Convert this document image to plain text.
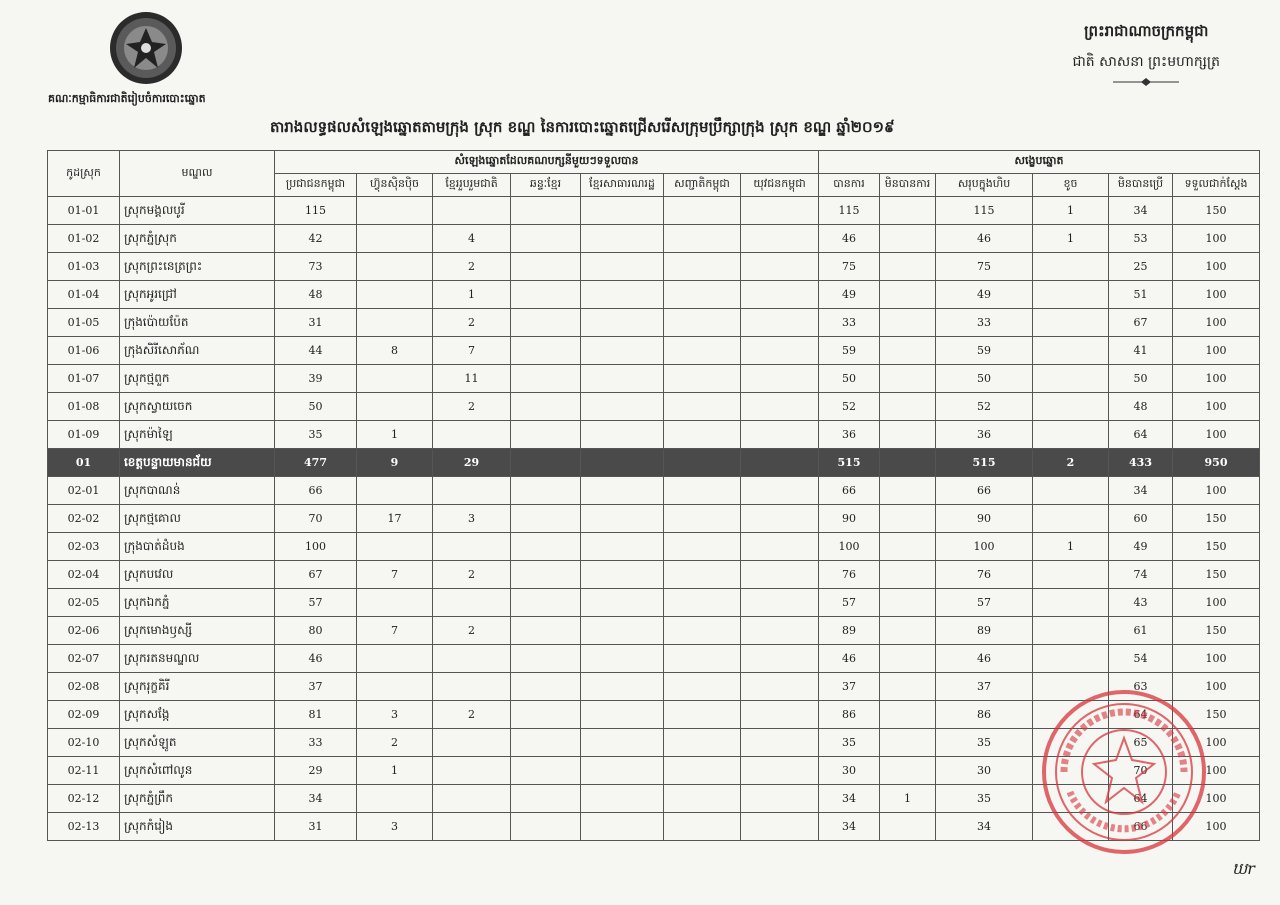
គណៈកម្មាធិការជាតិរៀបចំការបោះឆ្នោត
ព្រះរាជាណាចក្រកម្ពុជា
ជាតិ សាសនា ព្រះមហាក្សត្រ
តារាងលទ្ធផលសំឡេងឆ្នោតតាមក្រុង ស្រុក ខណ្ឌ នៃការបោះឆ្នោតជ្រើសរើសក្រុមប្រឹក្សាក្រុង ស្រុក ខណ្ឌ ឆ្នាំ២០១៩
កូដស្រុក	មណ្ឌល	សំឡេងឆ្នោតដែលគណបក្សនីមួយៗទទួលបាន							សង្ខេបឆ្នោត					
		ប្រជាជនកម្ពុជា	ហ៊្វុនស៊ិនប៉ិច	ខ្មែររួបរួមជាតិ	ឆន្ទៈខ្មែរ	ខ្មែរសាធារណរដ្ឋ	សញ្ជាតិកម្ពុជា	យុវជនកម្ពុជា	បានការ	មិនបានការ	សរុបក្នុងហិប	ខូច	មិនបានប្រើ	ទទួលជាក់ស្តែង
01-01	ស្រុកមង្គលបូរី	115							115		115	1	34	150
01-02	ស្រុកភ្នំស្រុក	42		4					46		46	1	53	100
01-03	ស្រុកព្រះនេត្រព្រះ	73		2					75		75		25	100
01-04	ស្រុកអូរជ្រៅ	48		1					49		49		51	100
01-05	ក្រុងប៉ោយប៉ែត	31		2					33		33		67	100
01-06	ក្រុងសិរីសោភ័ណ	44	8	7					59		59		41	100
01-07	ស្រុកថ្មពួក	39		11					50		50		50	100
01-08	ស្រុកស្វាយចេក	50		2					52		52		48	100
01-09	ស្រុកម៉ាឡៃ	35	1						36		36		64	100
01	ខេត្តបន្ទាយមានជ័យ	477	9	29					515		515	2	433	950
02-01	ស្រុកបាណន់	66							66		66		34	100
02-02	ស្រុកថ្មគោល	70	17	3					90		90		60	150
02-03	ក្រុងបាត់ដំបង	100							100		100	1	49	150
02-04	ស្រុកបវេល	67	7	2					76		76		74	150
02-05	ស្រុកឯកភ្នំ	57							57		57		43	100
02-06	ស្រុកមោងឫស្សី	80	7	2					89		89		61	150
02-07	ស្រុករតនមណ្ឌល	46							46		46		54	100
02-08	ស្រុករុក្ខគិរី	37							37		37		63	100
02-09	ស្រុកសង្កែ	81	3	2					86		86		64	150
02-10	ស្រុកសំឡូត	33	2						35		35		65	100
02-11	ស្រុកសំពៅលូន	29	1						30		30		70	100
02-12	ស្រុកភ្នំព្រឹក	34							34	1	35		64	100
02-13	ស្រុកកំរៀង	31	3						34		34		66	100
ឃr
